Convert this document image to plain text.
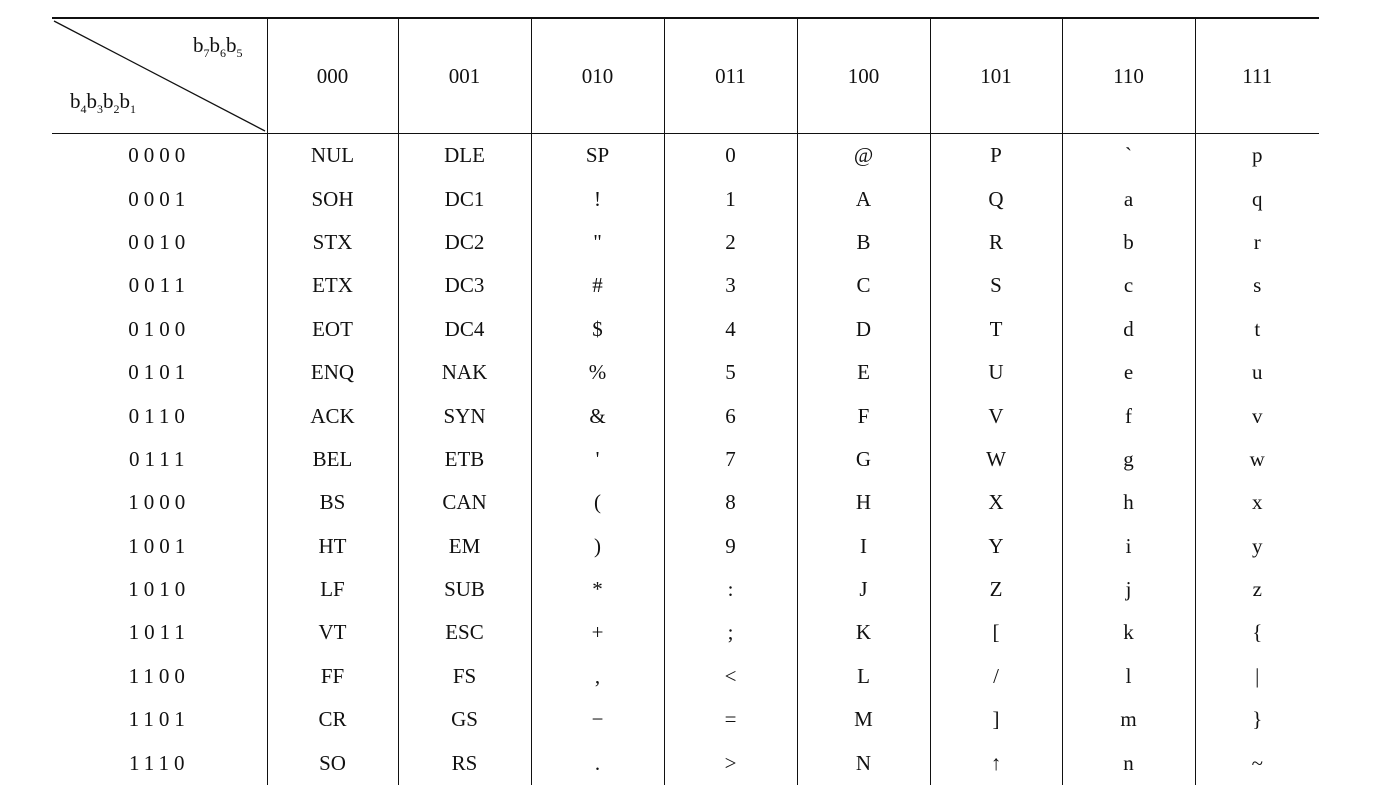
$b_7b_6b_5$
$b_4b_3b_2b_1$	000	001	010	011	100	101	110	111
0000	NUL	DLE	SP	0	@	P	`	p
0001	SOH	DC1	!	1	A	Q	a	q
0010	STX	DC2	"	2	B	R	b	r
0011	ETX	DC3	#	3	C	S	c	s
0100	EOT	DC4	$	4	D	T	d	t
0101	ENQ	NAK	%	5	E	U	e	u
0110	ACK	SYN	&	6	F	V	f	v
0111	BEL	ETB	'	7	G	W	g	w
1000	BS	CAN	(	8	H	X	h	x
1001	HT	EM	)	9	I	Y	i	y
1010	LF	SUB	*	:	J	Z	j	z
1011	VT	ESC	+	;	K	[	k	{
1100	FF	FS	,	<	L	/	l	|
1101	CR	GS	−	=	M	]	m	}
1110	SO	RS	.	>	N	↑	n	~
